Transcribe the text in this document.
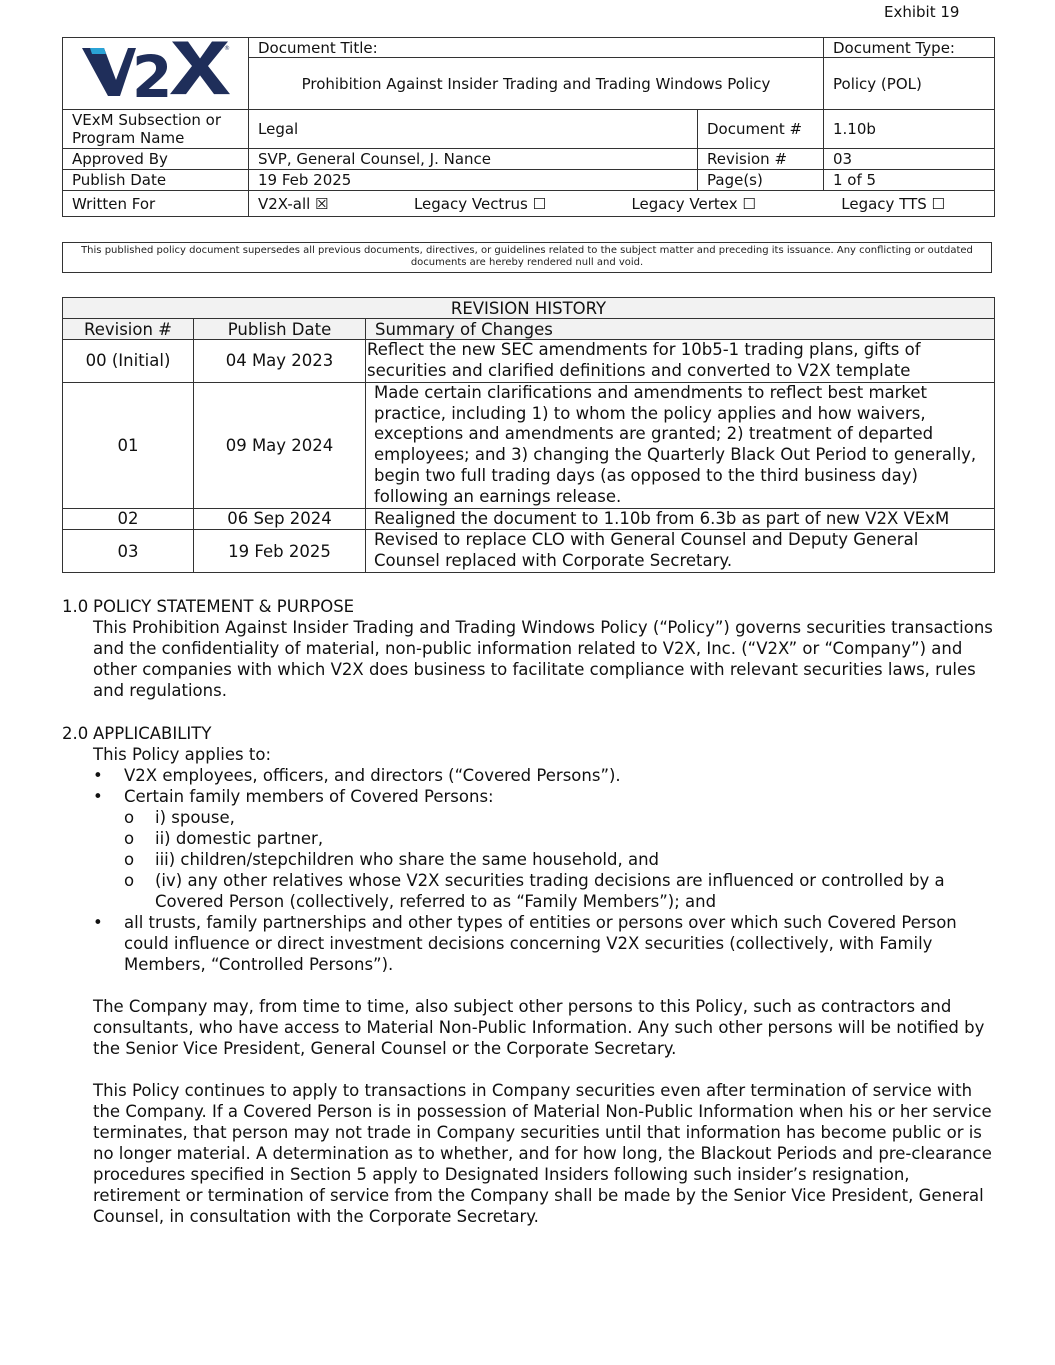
Exhibit 19
2 ®
V2X	Document Title:		Document Type:
	Prohibition Against Insider Trading and Trading Windows Policy		Policy (POL)
VExM Subsection or Program Name	Legal	Document #	1.10b
Approved By	SVP, General Counsel, J. Nance	Revision #	03
Publish Date	19 Feb 2025	Page(s)	1 of 5
Written For	V2X-all ☒ Legacy Vectrus ☐ Legacy Vertex ☐ Legacy TTS ☐		
This published policy document supersedes all previous documents, directives, or guidelines related to the subject matter and preceding its issuance. Any conflicting or outdated documents are hereby rendered null and void.
REVISION HISTORY		
Revision #	Publish Date	Summary of Changes
00 (Initial)	04 May 2023	Reflect the new SEC amendments for 10b5-1 trading plans, gifts of securities and clarified definitions and converted to V2X template
01	09 May 2024	Made certain clarifications and amendments to reflect best market practice, including 1) to whom the policy applies and how waivers, exceptions and amendments are granted; 2) treatment of departed employees; and 3) changing the Quarterly Black Out Period to generally, begin two full trading days (as opposed to the third business day) following an earnings release.
02	06 Sep 2024	Realigned the document to 1.10b from 6.3b as part of new V2X VExM
03	19 Feb 2025	Revised to replace CLO with General Counsel and Deputy General Counsel replaced with Corporate Secretary.
1.0 POLICY STATEMENT & PURPOSE
This Prohibition Against Insider Trading and Trading Windows Policy (“Policy”) governs securities transactions and the confidentiality of material, non-public information related to V2X, Inc. (“V2X” or “Company”) and other companies with which V2X does business to facilitate compliance with relevant securities laws, rules and regulations.
2.0 APPLICABILITY
This Policy applies to:
•	V2X employees, officers, and directors (“Covered Persons”).
•	Certain family members of Covered Persons:
o	i) spouse,
o	ii) domestic partner,
o	iii) children/stepchildren who share the same household, and
o	(iv) any other relatives whose V2X securities trading decisions are influenced or controlled by a Covered Person (collectively, referred to as “Family Members”); and
•	all trusts, family partnerships and other types of entities or persons over which such Covered Person could influence or direct investment decisions concerning V2X securities (collectively, with Family Members, “Controlled Persons”).
The Company may, from time to time, also subject other persons to this Policy, such as contractors and consultants, who have access to Material Non-Public Information. Any such other persons will be notified by the Senior Vice President, General Counsel or the Corporate Secretary.
This Policy continues to apply to transactions in Company securities even after termination of service with the Company. If a Covered Person is in possession of Material Non-Public Information when his or her service terminates, that person may not trade in Company securities until that information has become public or is no longer material. A determination as to whether, and for how long, the Blackout Periods and pre-clearance procedures specified in Section 5 apply to Designated Insiders following such insider’s resignation, retirement or termination of service from the Company shall be made by the Senior Vice President, General Counsel, in consultation with the Corporate Secretary.
